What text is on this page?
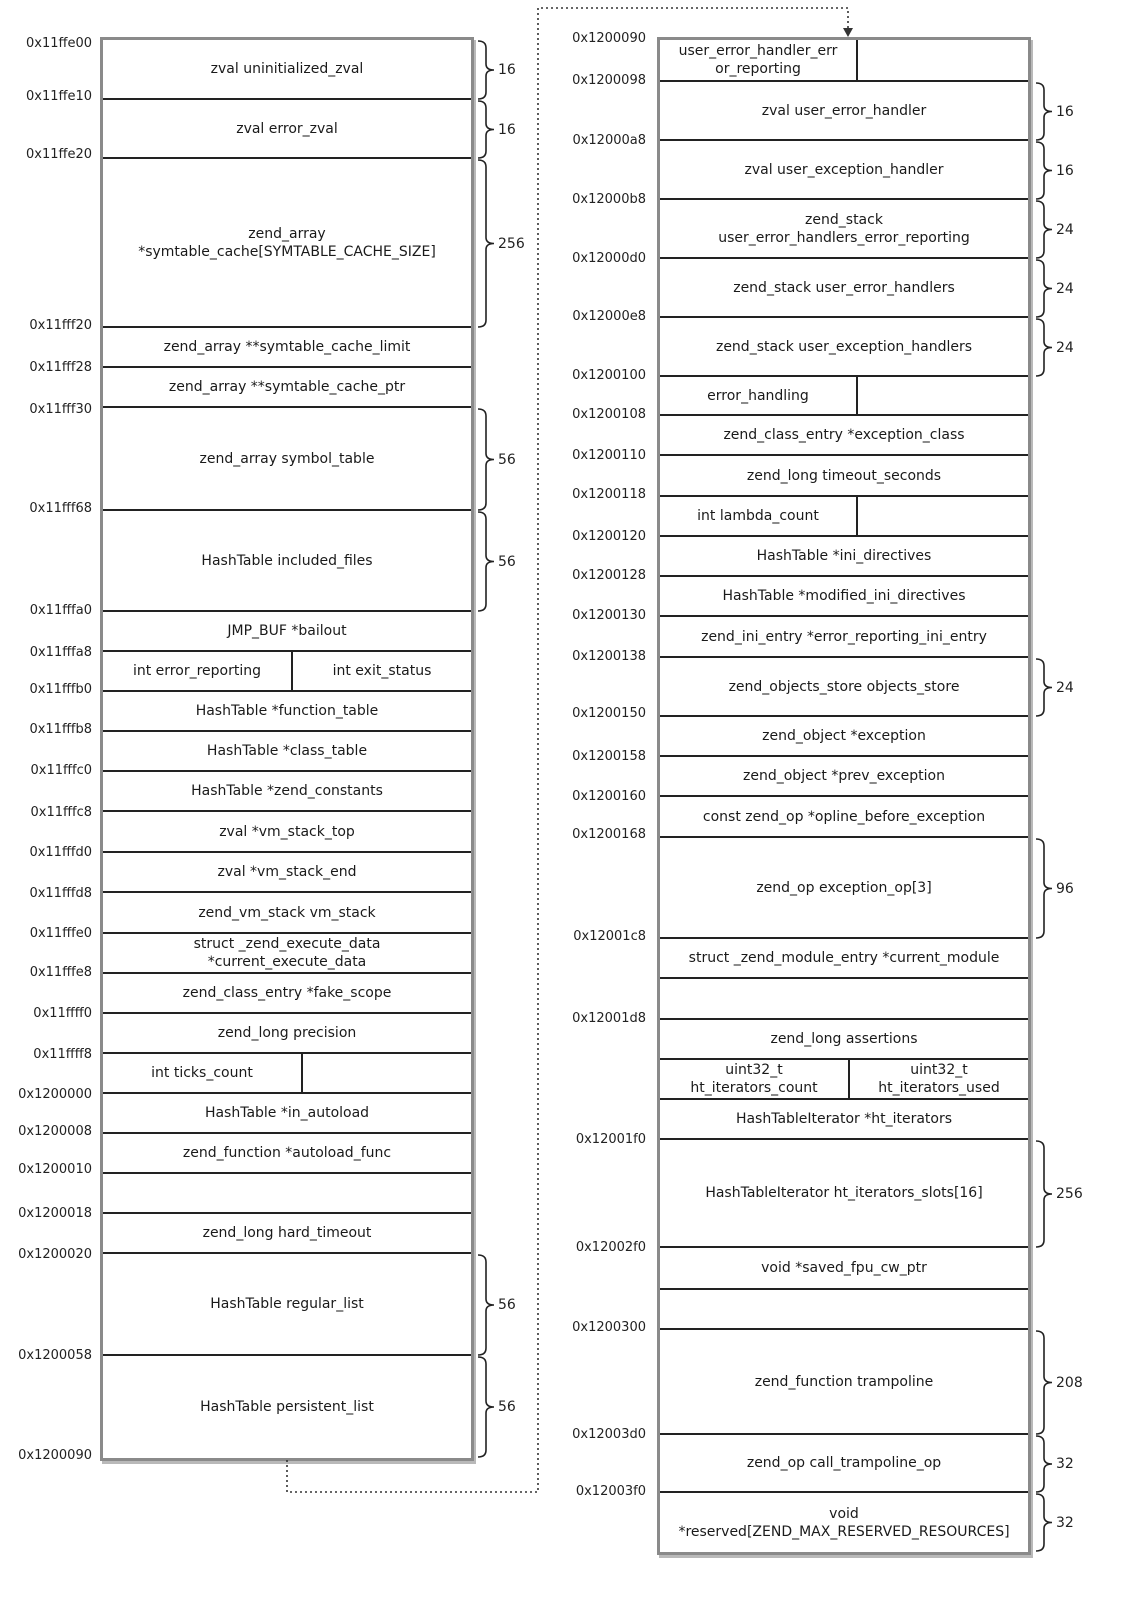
zval uninitialized_zval
zval error_zval
zend_array
*symtable_cache[SYMTABLE_CACHE_SIZE]
zend_array **symtable_cache_limit
zend_array **symtable_cache_ptr
zend_array symbol_table
HashTable included_files
JMP_BUF *bailout
int error_reporting	int exit_status
HashTable *function_table
HashTable *class_table
HashTable *zend_constants
zval *vm_stack_top
zval *vm_stack_end
zend_vm_stack vm_stack
struct _zend_execute_data
*current_execute_data
zend_class_entry *fake_scope
zend_long precision
int ticks_count
HashTable *in_autoload
zend_function *autoload_func
zend_long hard_timeout
HashTable regular_list
HashTable persistent_list
0x11ffe00
0x11ffe10
0x11ffe20
0x11fff20
0x11fff28
0x11fff30
0x11fff68
0x11fffa0
0x11fffa8
0x11fffb0
0x11fffb8
0x11fffc0
0x11fffc8
0x11fffd0
0x11fffd8
0x11fffe0
0x11fffe8
0x11ffff0
0x11ffff8
0x1200000
0x1200008
0x1200010
0x1200018
0x1200020
0x1200058
0x1200090
16
16
256
56
56
56
56
user_error_handler_err
or_reporting
zval user_error_handler
zval user_exception_handler
zend_stack
user_error_handlers_error_reporting
zend_stack user_error_handlers
zend_stack user_exception_handlers
error_handling
zend_class_entry *exception_class
zend_long timeout_seconds
int lambda_count
HashTable *ini_directives
HashTable *modified_ini_directives
zend_ini_entry *error_reporting_ini_entry
zend_objects_store objects_store
zend_object *exception
zend_object *prev_exception
const zend_op *opline_before_exception
zend_op exception_op[3]
struct _zend_module_entry *current_module
zend_long assertions
uint32_t
ht_iterators_count
uint32_t
ht_iterators_used
HashTableIterator *ht_iterators
HashTableIterator ht_iterators_slots[16]
void *saved_fpu_cw_ptr
zend_function trampoline
zend_op call_trampoline_op
void
*reserved[ZEND_MAX_RESERVED_RESOURCES]
0x1200090
0x1200098
0x12000a8
0x12000b8
0x12000d0
0x12000e8
0x1200100
0x1200108
0x1200110
0x1200118
0x1200120
0x1200128
0x1200130
0x1200138
0x1200150
0x1200158
0x1200160
0x1200168
0x12001c8
0x12001d8
0x12001f0
0x12002f0
0x1200300
0x12003d0
0x12003f0
16
16
24
24
24
24
96
256
208
32
32
